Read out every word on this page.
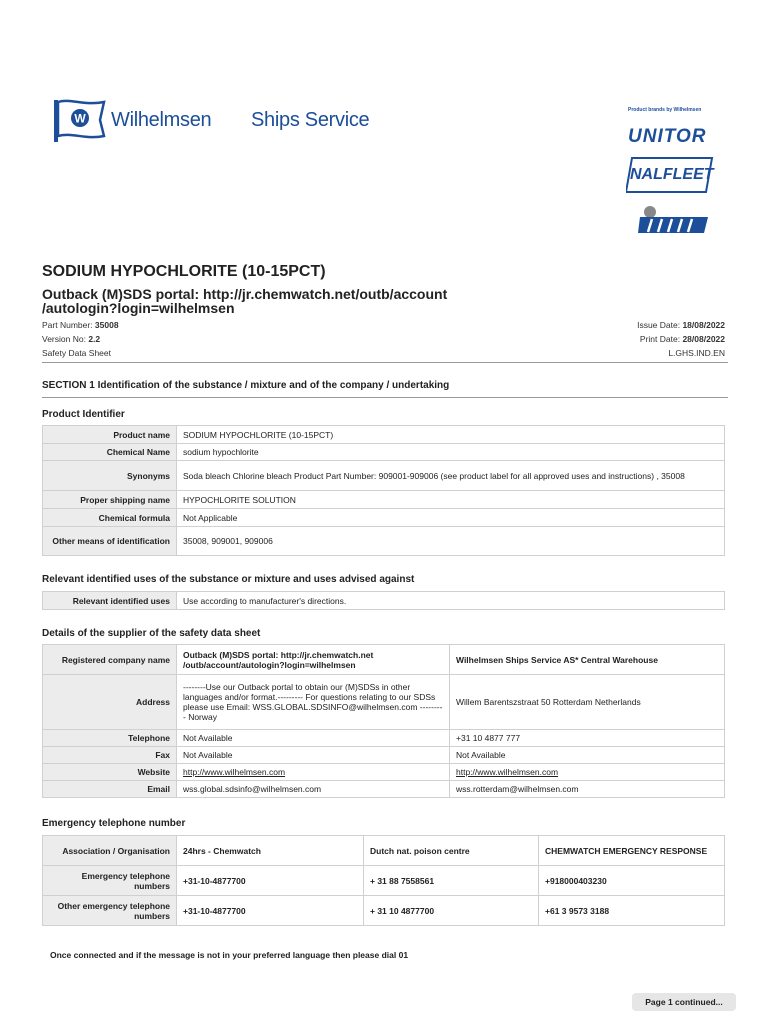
W Wilhelmsen Ships Service	Product brands by Wilhelmsen
UNITOR
NALFLEET
SODIUM HYPOCHLORITE (10-15PCT)
Outback (M)SDS portal: http://jr.chemwatch.net/outb/account
/autologin?login=wilhelmsen
Part Number: 35008
Version No: 2.2
Safety Data Sheet
Issue Date: 18/08/2022
Print Date: 28/08/2022
L.GHS.IND.EN
SECTION 1 Identification of the substance / mixture and of the company / undertaking
Product Identifier
Product name	SODIUM HYPOCHLORITE (10-15PCT)
Chemical Name	sodium hypochlorite
Synonyms	Soda bleach Chlorine bleach Product Part Number: 909001-909006 (see product label for all approved uses and instructions) , 35008
Proper shipping name	HYPOCHLORITE SOLUTION
Chemical formula	Not Applicable
Other means of identification	35008, 909001, 909006
Relevant identified uses of the substance or mixture and uses advised against
Relevant identified uses	Use according to manufacturer's directions.
Details of the supplier of the safety data sheet
Registered company name	Outback (M)SDS portal: http://jr.chemwatch.net /outb/account/autologin?login=wilhelmsen	Wilhelmsen Ships Service AS* Central Warehouse
Address	--------Use our Outback portal to obtain our (M)SDSs in other languages and/or format.--------- For questions relating to our SDSs please use Email: WSS.GLOBAL.SDSINFO@wilhelmsen.com --------- Norway	Willem Barentszstraat 50 Rotterdam Netherlands
Telephone	Not Available	+31 10 4877 777
Fax	Not Available	Not Available
Website	http://www.wilhelmsen.com	http://www.wilhelmsen.com
Email	wss.global.sdsinfo@wilhelmsen.com	wss.rotterdam@wilhelmsen.com
Emergency telephone number
Association / Organisation	24hrs - Chemwatch	Dutch nat. poison centre	CHEMWATCH EMERGENCY RESPONSE
Emergency telephone numbers	+31-10-4877700	+ 31 88 7558561	+918000403230
Other emergency telephone numbers	+31-10-4877700	+ 31 10 4877700	+61 3 9573 3188
Once connected and if the message is not in your preferred language then please dial 01
Page 1 continued...
